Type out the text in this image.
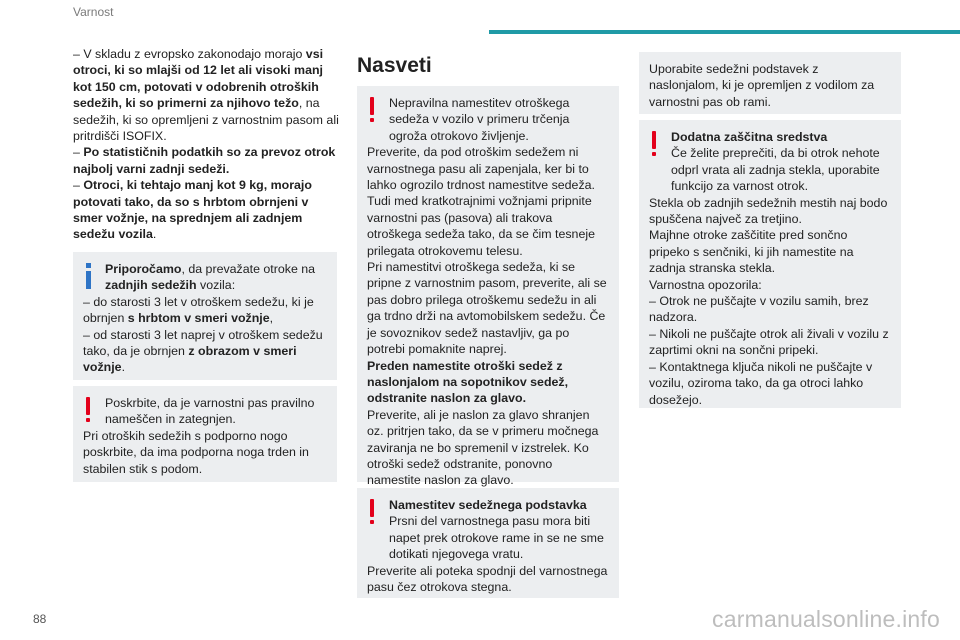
Varnost

– V skladu z evropsko zakonodajo morajo vsi otroci, ki so mlajši od 12 let ali visoki manj kot 150 cm, potovati v odobrenih otroških sedežih, ki so primerni za njihovo težo, na sedežih, ki so opremljeni z varnostnim pasom ali pritrdišči ISOFIX.

– Po statističnih podatkih so za prevoz otrok najbolj varni zadnji sedeži.

– Otroci, ki tehtajo manj kot 9 kg, morajo potovati tako, da so s hrbtom obrnjeni v smer vožnje, na sprednjem ali zadnjem sedežu vozila.

Priporočamo, da prevažate otroke na zadnjih sedežih vozila:

– do starosti 3 let v otroškem sedežu, ki je obrnjen s hrbtom v smeri vožnje,

– od starosti 3 let naprej v otroškem sedežu tako, da je obrnjen z obrazom v smeri vožnje.

Poskrbite, da je varnostni pas pravilno nameščen in zategnjen.

Pri otroških sedežih s podporno nogo poskrbite, da ima podporna noga trden in stabilen stik s podom.

Nasveti

Nepravilna namestitev otroškega sedeža v vozilo v primeru trčenja ogroža otrokovo življenje.

Preverite, da pod otroškim sedežem ni varnostnega pasu ali zapenjala, ker bi to lahko ogrozilo trdnost namestitve sedeža.

Tudi med kratkotrajnimi vožnjami pripnite varnostni pas (pasova) ali trakova otroškega sedeža tako, da se čim tesneje prilegata otrokovemu telesu.

Pri namestitvi otroškega sedeža, ki se pripne z varnostnim pasom, preverite, ali se pas dobro prilega otroškemu sedežu in ali ga trdno drži na avtomobilskem sedežu. Če je sovoznikov sedež nastavljiv, ga po potrebi pomaknite naprej.

Preden namestite otroški sedež z naslonjalom na sopotnikov sedež, odstranite naslon za glavo.

Preverite, ali je naslon za glavo shranjen oz. pritrjen tako, da se v primeru močnega zaviranja ne bo spremenil v izstrelek. Ko otroški sedež odstranite, ponovno namestite naslon za glavo.

Namestitev sedežnega podstavka

Prsni del varnostnega pasu mora biti napet prek otrokove rame in se ne sme dotikati njegovega vratu.

Preverite ali poteka spodnji del varnostnega pasu čez otrokova stegna.

Uporabite sedežni podstavek z naslonjalom, ki je opremljen z vodilom za varnostni pas ob rami.

Dodatna zaščitna sredstva

Če želite preprečiti, da bi otrok nehote odprl vrata ali zadnja stekla, uporabite funkcijo za varnost otrok.

Stekla ob zadnjih sedežnih mestih naj bodo spuščena največ za tretjino.

Majhne otroke zaščitite pred sončno pripeko s senčniki, ki jih namestite na zadnja stranska stekla.

Varnostna opozorila:

– Otrok ne puščajte v vozilu samih, brez nadzora.

– Nikoli ne puščajte otrok ali živali v vozilu z zaprtimi okni na sončni pripeki.

– Kontaktnega ključa nikoli ne puščajte v vozilu, oziroma tako, da ga otroci lahko dosežejo.

88	carmanualsonline.info
